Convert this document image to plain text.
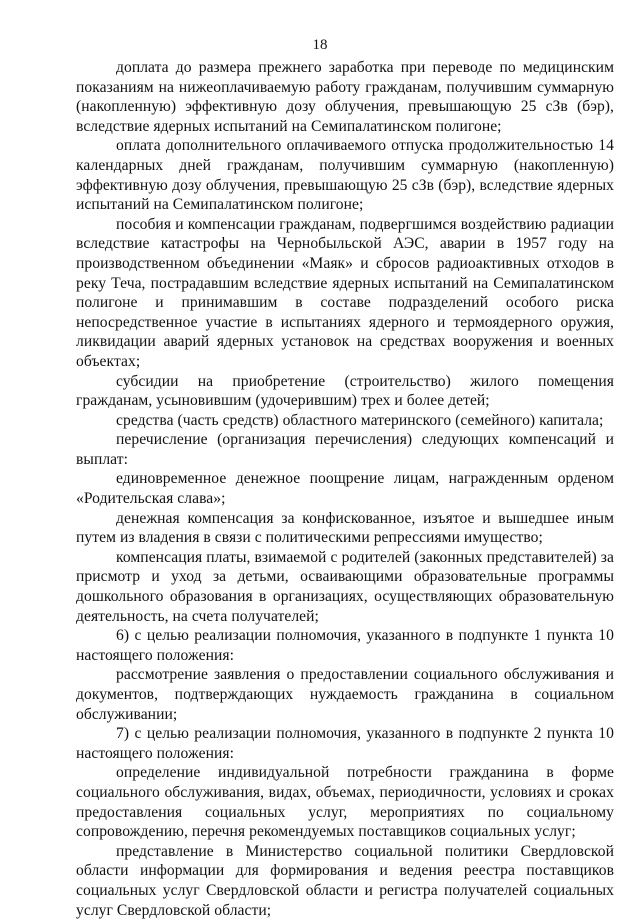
18

доплата до размера прежнего заработка при переводе по медицинским показаниям на нижеоплачиваемую работу гражданам, получившим суммарную (накопленную) эффективную дозу облучения, превышающую 25 сЗв (бэр), вследствие ядерных испытаний на Семипалатинском полигоне;

оплата дополнительного оплачиваемого отпуска продолжительностью 14 календарных дней гражданам, получившим суммарную (накопленную) эффективную дозу облучения, превышающую 25 сЗв (бэр), вследствие ядерных испытаний на Семипалатинском полигоне;

пособия и компенсации гражданам, подвергшимся воздействию радиации вследствие катастрофы на Чернобыльской АЭС, аварии в 1957 году на производственном объединении «Маяк» и сбросов радиоактивных отходов в реку Теча, пострадавшим вследствие ядерных испытаний на Семипалатинском полигоне и принимавшим в составе подразделений особого риска непосредственное участие в испытаниях ядерного и термоядерного оружия, ликвидации аварий ядерных установок на средствах вооружения и военных объектах;

субсидии на приобретение (строительство) жилого помещения гражданам, усыновившим (удочерившим) трех и более детей;

средства (часть средств) областного материнского (семейного) капитала;

перечисление (организация перечисления) следующих компенсаций и выплат:

единовременное денежное поощрение лицам, награжденным орденом «Родительская слава»;

денежная компенсация за конфискованное, изъятое и вышедшее иным путем из владения в связи с политическими репрессиями имущество;

компенсация платы, взимаемой с родителей (законных представителей) за присмотр и уход за детьми, осваивающими образовательные программы дошкольного образования в организациях, осуществляющих образовательную деятельность, на счета получателей;

6) с целью реализации полномочия, указанного в подпункте 1 пункта 10 настоящего положения:

рассмотрение заявления о предоставлении социального обслуживания и документов, подтверждающих нуждаемость гражданина в социальном обслуживании;

7) с целью реализации полномочия, указанного в подпункте 2 пункта 10 настоящего положения:

определение индивидуальной потребности гражданина в форме социального обслуживания, видах, объемах, периодичности, условиях и сроках предоставления социальных услуг, мероприятиях по социальному сопровождению, перечня рекомендуемых поставщиков социальных услуг;

представление в Министерство социальной политики Свердловской области информации для формирования и ведения реестра поставщиков социальных услуг Свердловской области и регистра получателей социальных услуг Свердловской области;
